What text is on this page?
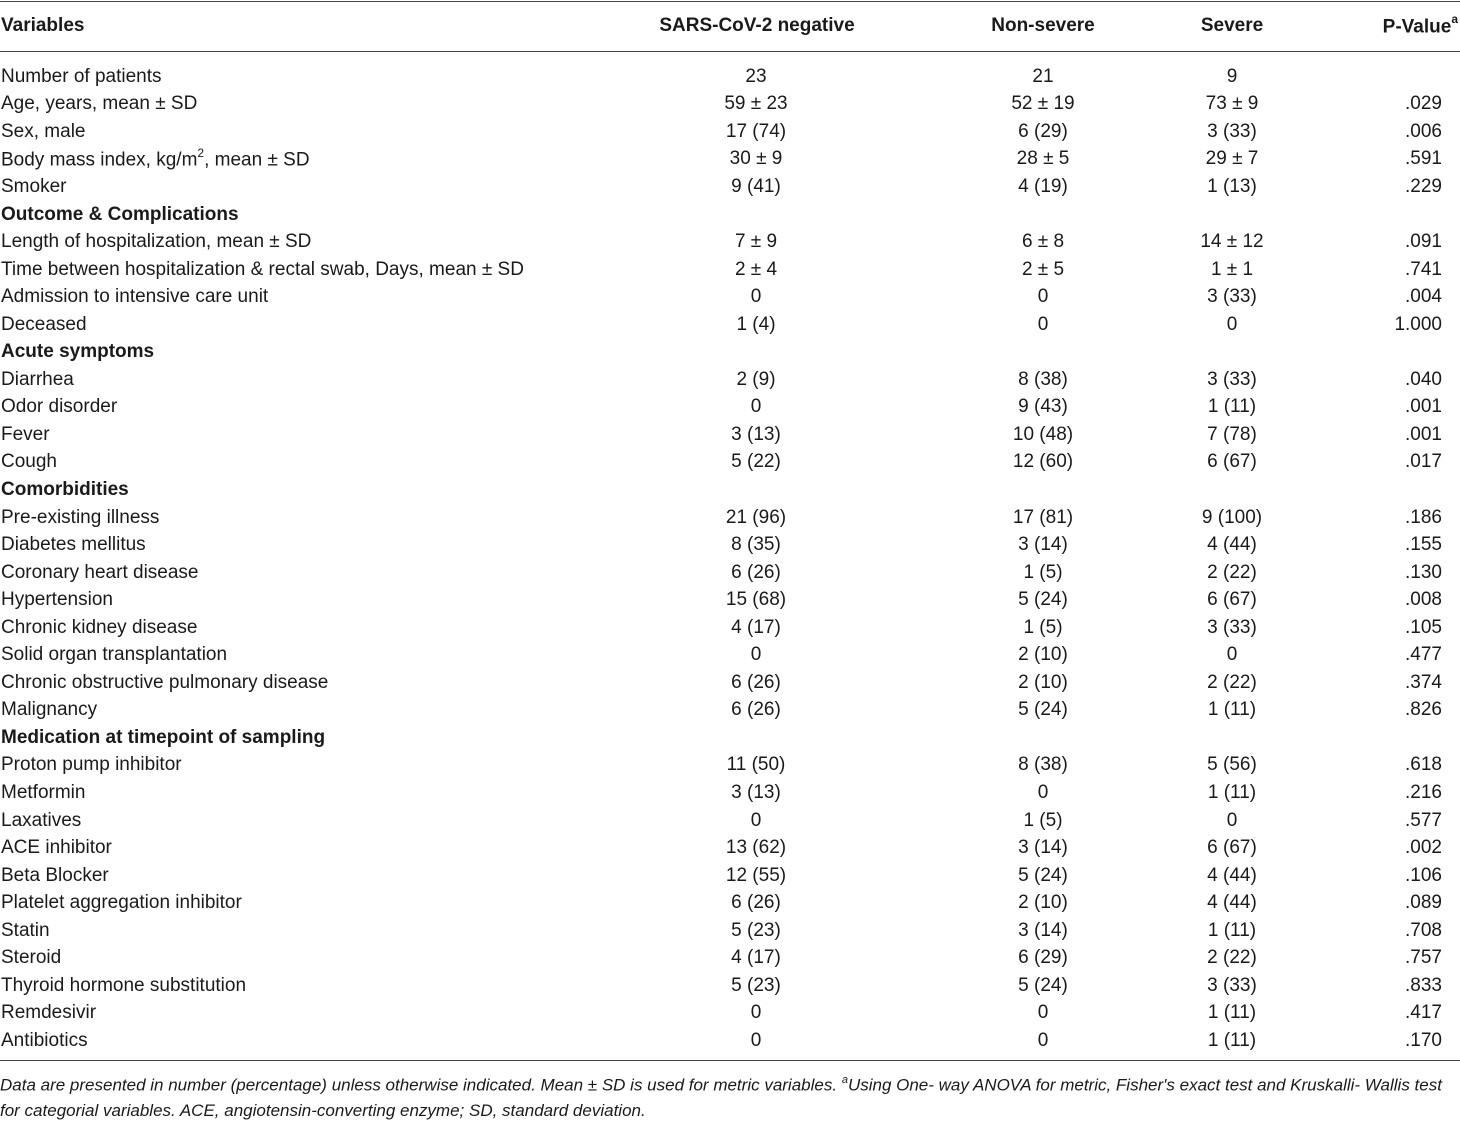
Variables	SARS-CoV-2 negative	Non-severe	Severe	P-Value$^a$

Number of patients	23	21	9	
Age, years, mean ± SD	59 ± 23	52 ± 19	73 ± 9	.029
Sex, male	17 (74)	6 (29)	3 (33)	.006
Body mass index, $kg/m^2$, mean ± SD	30 ± 9	28 ± 5	29 ± 7	.591
Smoker	9 (41)	4 (19)	1 (13)	.229
Outcome & Complications				
Length of hospitalization, mean ± SD	7 ± 9	6 ± 8	14 ± 12	.091
Time between hospitalization & rectal swab, Days, mean ± SD	2 ± 4	2 ± 5	1 ± 1	.741
Admission to intensive care unit	0	0	3 (33)	.004
Deceased	1 (4)	0	0	1.000
Acute symptoms				
Diarrhea	2 (9)	8 (38)	3 (33)	.040
Odor disorder	0	9 (43)	1 (11)	.001
Fever	3 (13)	10 (48)	7 (78)	.001
Cough	5 (22)	12 (60)	6 (67)	.017
Comorbidities				
Pre-existing illness	21 (96)	17 (81)	9 (100)	.186
Diabetes mellitus	8 (35)	3 (14)	4 (44)	.155
Coronary heart disease	6 (26)	1 (5)	2 (22)	.130
Hypertension	15 (68)	5 (24)	6 (67)	.008
Chronic kidney disease	4 (17)	1 (5)	3 (33)	.105
Solid organ transplantation	0	2 (10)	0	.477
Chronic obstructive pulmonary disease	6 (26)	2 (10)	2 (22)	.374
Malignancy	6 (26)	5 (24)	1 (11)	.826
Medication at timepoint of sampling				
Proton pump inhibitor	11 (50)	8 (38)	5 (56)	.618
Metformin	3 (13)	0	1 (11)	.216
Laxatives	0	1 (5)	0	.577
ACE inhibitor	13 (62)	3 (14)	6 (67)	.002
Beta Blocker	12 (55)	5 (24)	4 (44)	.106
Platelet aggregation inhibitor	6 (26)	2 (10)	4 (44)	.089
Statin	5 (23)	3 (14)	1 (11)	.708
Steroid	4 (17)	6 (29)	2 (22)	.757
Thyroid hormone substitution	5 (23)	5 (24)	3 (33)	.833
Remdesivir	0	0	1 (11)	.417
Antibiotics	0	0	1 (11)	.170
Data are presented in number (percentage) unless otherwise indicated. Mean ± SD is used for metric variables. $^a$Using One- way ANOVA for metric, Fisher's exact test and Kruskalli- Wallis test for categorial variables. ACE, angiotensin-converting enzyme; SD, standard deviation.
